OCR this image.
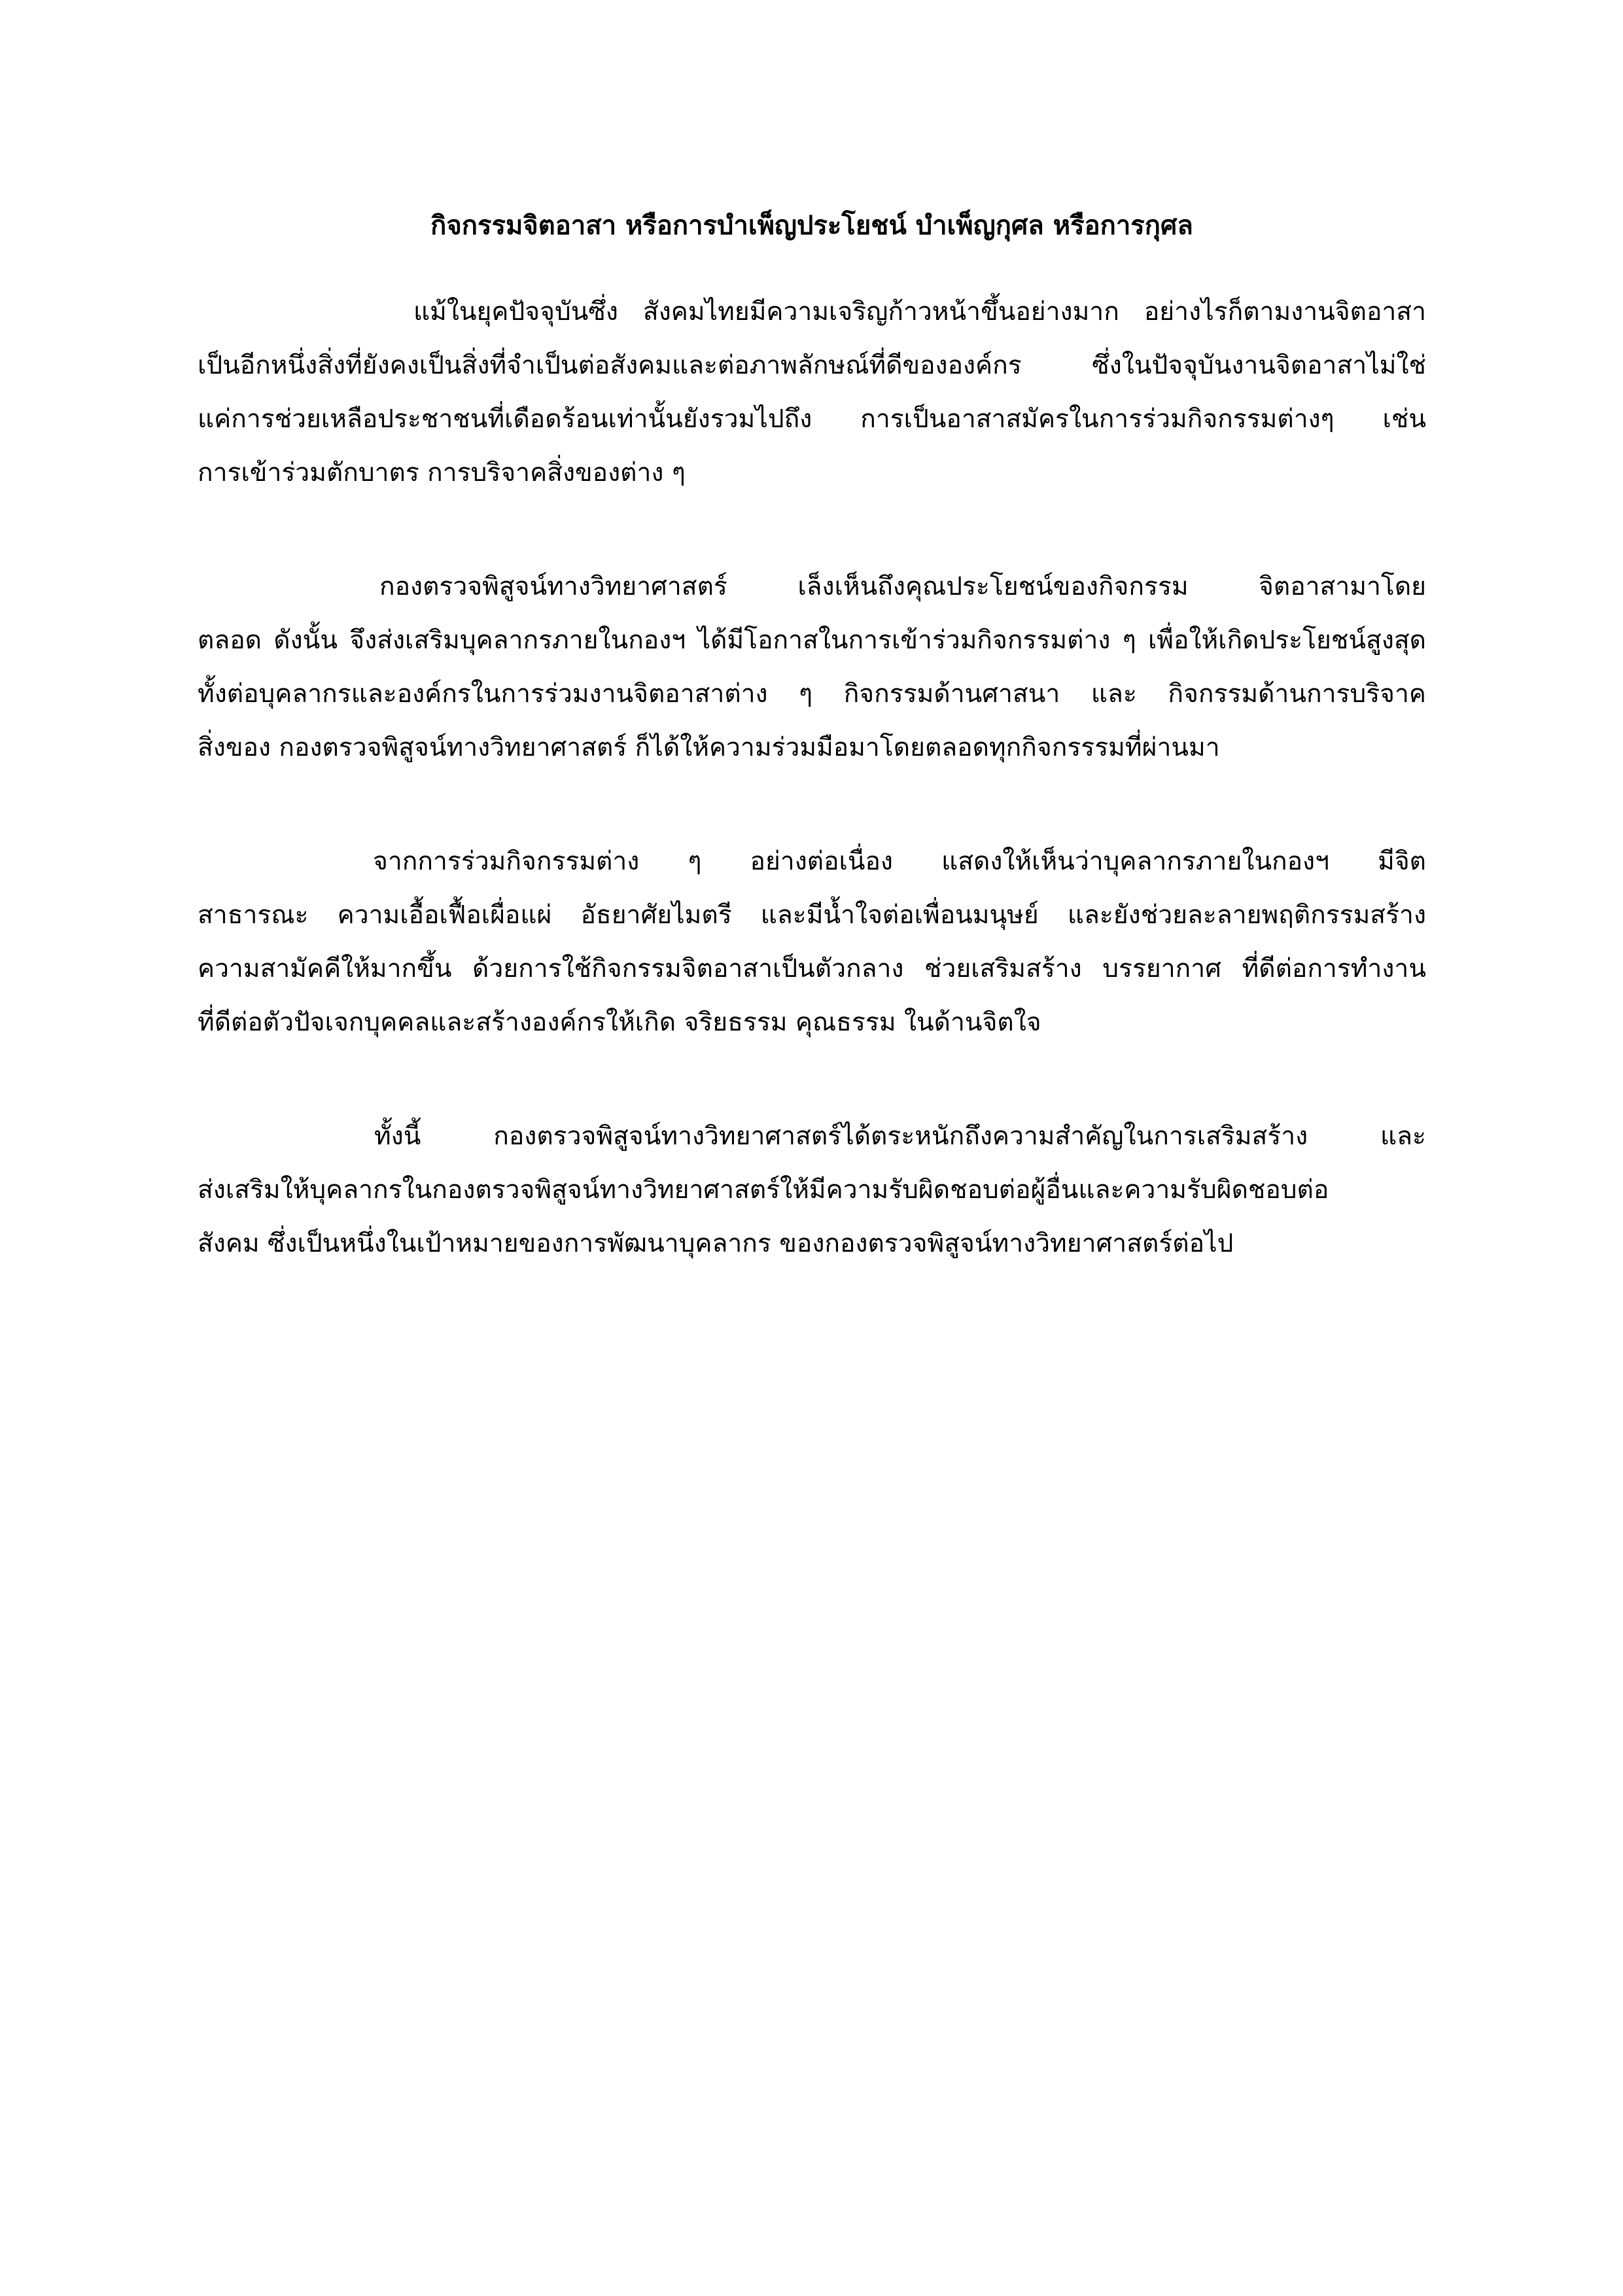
กิจกรรมจิตอาสา หรือการบำเพ็ญประโยชน์ บำเพ็ญกุศล หรือการกุศล
แม้ในยุคปัจจุบันซึ่ง สังคมไทยมีความเจริญก้าวหน้าขึ้นอย่างมาก อย่างไรก็ตามงานจิตอาสา
เป็นอีกหนึ่งสิ่งที่ยังคงเป็นสิ่งที่จำเป็นต่อสังคมและต่อภาพลักษณ์ที่ดีขององค์กร ซึ่งในปัจจุบันงานจิตอาสาไม่ใช่
แค่การช่วยเหลือประชาชนที่เดือดร้อนเท่านั้นยังรวมไปถึง การเป็นอาสาสมัครในการร่วมกิจกรรมต่างๆ เช่น
การเข้าร่วมตักบาตร การบริจาคสิ่งของต่าง ๆ
กองตรวจพิสูจน์ทางวิทยาศาสตร์ เล็งเห็นถึงคุณประโยชน์ของกิจกรรม จิตอาสามาโดย
ตลอด ดังนั้น จึงส่งเสริมบุคลากรภายในกองฯ ได้มีโอกาสในการเข้าร่วมกิจกรรมต่าง ๆ เพื่อให้เกิดประโยชน์สูงสุด
ทั้งต่อบุคลากรและองค์กรในการร่วมงานจิตอาสาต่าง ๆ กิจกรรมด้านศาสนา และ กิจกรรมด้านการบริจาค
สิ่งของ กองตรวจพิสูจน์ทางวิทยาศาสตร์ ก็ได้ให้ความร่วมมือมาโดยตลอดทุกกิจกรรรมที่ผ่านมา
จากการร่วมกิจกรรมต่าง ๆ อย่างต่อเนื่อง แสดงให้เห็นว่าบุคลากรภายในกองฯ มีจิต
สาธารณะ ความเอื้อเฟื้อเผื่อแผ่ อัธยาศัยไมตรี และมีน้ำใจต่อเพื่อนมนุษย์ และยังช่วยละลายพฤติกรรมสร้าง
ความสามัคคีให้มากขึ้น ด้วยการใช้กิจกรรมจิตอาสาเป็นตัวกลาง ช่วยเสริมสร้าง บรรยากาศ ที่ดีต่อการทำงาน
ที่ดีต่อตัวปัจเจกบุคคลและสร้างองค์กรให้เกิด จริยธรรม คุณธรรม ในด้านจิตใจ
ทั้งนี้ กองตรวจพิสูจน์ทางวิทยาศาสตร์ได้ตระหนักถึงความสำคัญในการเสริมสร้าง และ
ส่งเสริมให้บุคลากรในกองตรวจพิสูจน์ทางวิทยาศาสตร์ให้มีความรับผิดชอบต่อผู้อื่นและความรับผิดชอบต่อ
สังคม ซึ่งเป็นหนึ่งในเป้าหมายของการพัฒนาบุคลากร ของกองตรวจพิสูจน์ทางวิทยาศาสตร์ต่อไป
